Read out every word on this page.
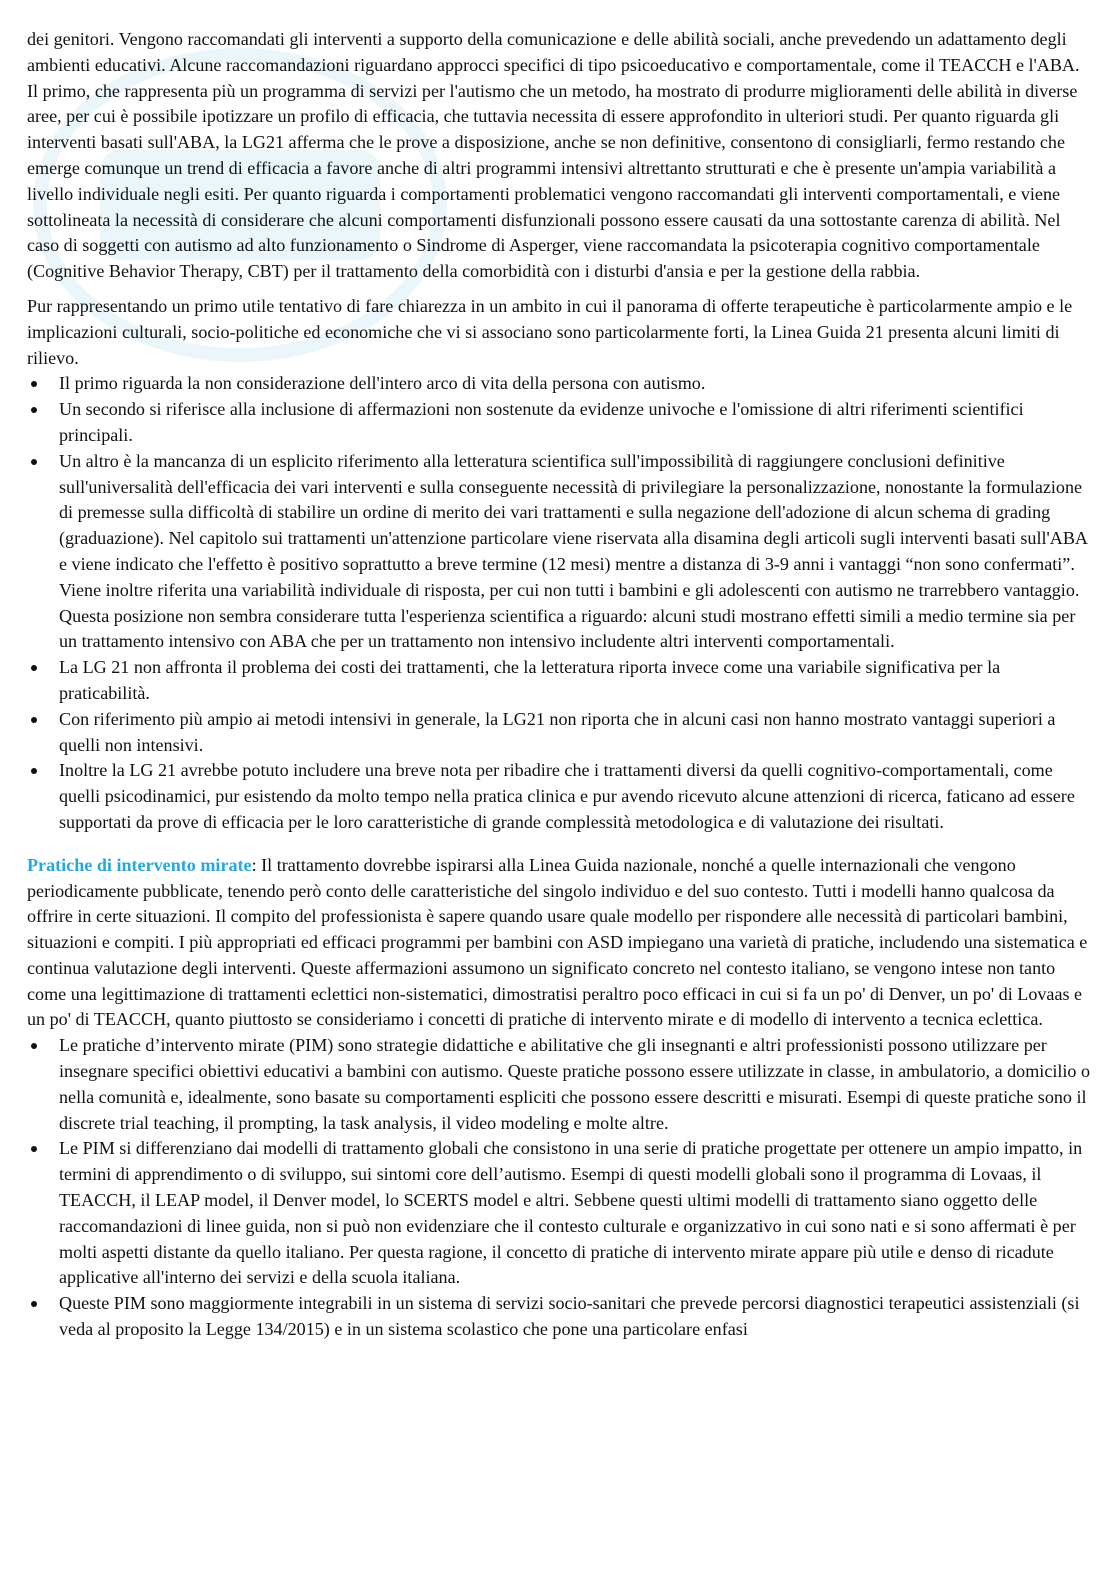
dei genitori. Vengono raccomandati gli interventi a supporto della comunicazione e delle abilità sociali, anche prevedendo un adattamento degli ambienti educativi. Alcune raccomandazioni riguardano approcci specifici di tipo psicoeducativo e comportamentale, come il TEACCH e l'ABA. Il primo, che rappresenta più un programma di servizi per l'autismo che un metodo, ha mostrato di produrre miglioramenti delle abilità in diverse aree, per cui è possibile ipotizzare un profilo di efficacia, che tuttavia necessita di essere approfondito in ulteriori studi. Per quanto riguarda gli interventi basati sull'ABA, la LG21 afferma che le prove a disposizione, anche se non definitive, consentono di consigliarli, fermo restando che emerge comunque un trend di efficacia a favore anche di altri programmi intensivi altrettanto strutturati e che è presente un'ampia variabilità a livello individuale negli esiti. Per quanto riguarda i comportamenti problematici vengono raccomandati gli interventi comportamentali, e viene sottolineata la necessità di considerare che alcuni comportamenti disfunzionali possono essere causati da una sottostante carenza di abilità. Nel caso di soggetti con autismo ad alto funzionamento o Sindrome di Asperger, viene raccomandata la psicoterapia cognitivo comportamentale (Cognitive Behavior Therapy, CBT) per il trattamento della comorbidità con i disturbi d'ansia e per la gestione della rabbia.

Pur rappresentando un primo utile tentativo di fare chiarezza in un ambito in cui il panorama di offerte terapeutiche è particolarmente ampio e le implicazioni culturali, socio-politiche ed economiche che vi si associano sono particolarmente forti, la Linea Guida 21 presenta alcuni limiti di rilievo.

Il primo riguarda la non considerazione dell'intero arco di vita della persona con autismo.
Un secondo si riferisce alla inclusione di affermazioni non sostenute da evidenze univoche e l'omissione di altri riferimenti scientifici principali.
Un altro è la mancanza di un esplicito riferimento alla letteratura scientifica sull'impossibilità di raggiungere conclusioni definitive sull'universalità dell'efficacia dei vari interventi e sulla conseguente necessità di privilegiare la personalizzazione, nonostante la formulazione di premesse sulla difficoltà di stabilire un ordine di merito dei vari trattamenti e sulla negazione dell'adozione di alcun schema di grading (graduazione). Nel capitolo sui trattamenti un'attenzione particolare viene riservata alla disamina degli articoli sugli interventi basati sull'ABA e viene indicato che l'effetto è positivo soprattutto a breve termine (12 mesi) mentre a distanza di 3-9 anni i vantaggi “non sono confermati”. Viene inoltre riferita una variabilità individuale di risposta, per cui non tutti i bambini e gli adolescenti con autismo ne trarrebbero vantaggio. Questa posizione non sembra considerare tutta l'esperienza scientifica a riguardo: alcuni studi mostrano effetti simili a medio termine sia per un trattamento intensivo con ABA che per un trattamento non intensivo includente altri interventi comportamentali.
La LG 21 non affronta il problema dei costi dei trattamenti, che la letteratura riporta invece come una variabile significativa per la praticabilità.
Con riferimento più ampio ai metodi intensivi in generale, la LG21 non riporta che in alcuni casi non hanno mostrato vantaggi superiori a quelli non intensivi.
Inoltre la LG 21 avrebbe potuto includere una breve nota per ribadire che i trattamenti diversi da quelli cognitivo-comportamentali, come quelli psicodinamici, pur esistendo da molto tempo nella pratica clinica e pur avendo ricevuto alcune attenzioni di ricerca, faticano ad essere supportati da prove di efficacia per le loro caratteristiche di grande complessità metodologica e di valutazione dei risultati.

Pratiche di intervento mirate: Il trattamento dovrebbe ispirarsi alla Linea Guida nazionale, nonché a quelle internazionali che vengono periodicamente pubblicate, tenendo però conto delle caratteristiche del singolo individuo e del suo contesto. Tutti i modelli hanno qualcosa da offrire in certe situazioni. Il compito del professionista è sapere quando usare quale modello per rispondere alle necessità di particolari bambini, situazioni e compiti. I più appropriati ed efficaci programmi per bambini con ASD impiegano una varietà di pratiche, includendo una sistematica e continua valutazione degli interventi. Queste affermazioni assumono un significato concreto nel contesto italiano, se vengono intese non tanto come una legittimazione di trattamenti eclettici non-sistematici, dimostratisi peraltro poco efficaci in cui si fa un po' di Denver, un po' di Lovaas e un po' di TEACCH, quanto piuttosto se consideriamo i concetti di pratiche di intervento mirate e di modello di intervento a tecnica eclettica.

Le pratiche d’intervento mirate (PIM) sono strategie didattiche e abilitative che gli insegnanti e altri professionisti possono utilizzare per insegnare specifici obiettivi educativi a bambini con autismo. Queste pratiche possono essere utilizzate in classe, in ambulatorio, a domicilio o nella comunità e, idealmente, sono basate su comportamenti espliciti che possono essere descritti e misurati. Esempi di queste pratiche sono il discrete trial teaching, il prompting, la task analysis, il video modeling e molte altre.
Le PIM si differenziano dai modelli di trattamento globali che consistono in una serie di pratiche progettate per ottenere un ampio impatto, in termini di apprendimento o di sviluppo, sui sintomi core dell’autismo. Esempi di questi modelli globali sono il programma di Lovaas, il TEACCH, il LEAP model, il Denver model, lo SCERTS model e altri. Sebbene questi ultimi modelli di trattamento siano oggetto delle raccomandazioni di linee guida, non si può non evidenziare che il contesto culturale e organizzativo in cui sono nati e si sono affermati è per molti aspetti distante da quello italiano. Per questa ragione, il concetto di pratiche di intervento mirate appare più utile e denso di ricadute applicative all'interno dei servizi e della scuola italiana.
Queste PIM sono maggiormente integrabili in un sistema di servizi socio-sanitari che prevede percorsi diagnostici terapeutici assistenziali (si veda al proposito la Legge 134/2015) e in un sistema scolastico che pone una particolare enfasi
